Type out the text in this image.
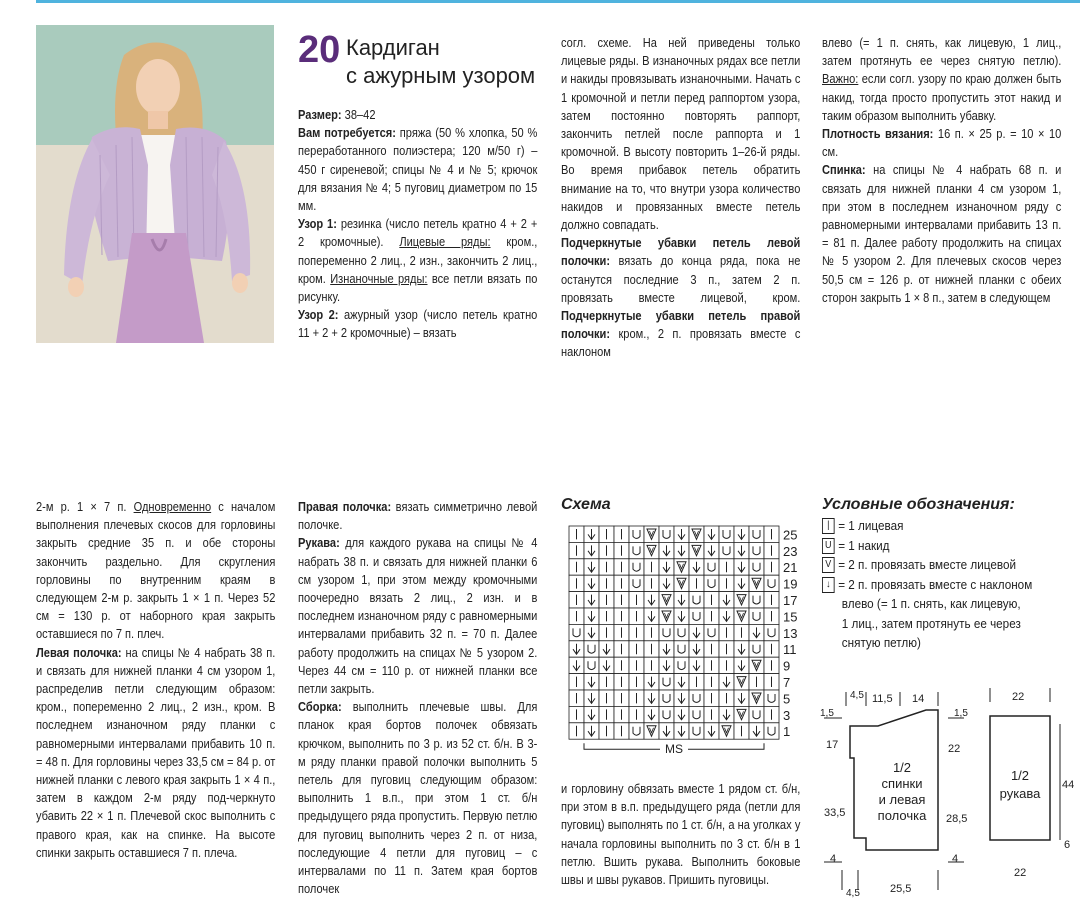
20 Кардиган
с ажурным узором

Размер: 38–42

Вам потребуется: пряжа (50 % хлопка, 50 % переработанного полиэстера; 120 м/50 г) – 450 г сиреневой; спицы № 4 и № 5; крючок для вязания № 4; 5 пуговиц диаметром по 15 мм.

Узор 1: резинка (число петель кратно 4 + 2 + 2 кромочные). Лицевые ряды: кром., попеременно 2 лиц., 2 изн., закончить 2 лиц., кром. Изнаночные ряды: все петли вязать по рисунку.

Узор 2: ажурный узор (число петель кратно 11 + 2 + 2 кромочные) – вязать

согл. схеме. На ней приведены только лицевые ряды. В изнаночных рядах все петли и накиды провязывать изнаночными. Начать с 1 кромочной и петли перед раппортом узора, затем постоянно повторять раппорт, закончить петлей после раппорта и 1 кромочной. В высоту повторить 1–26-й ряды. Во время прибавок петель обратить внимание на то, что внутри узора количество накидов и провязанных вместе петель должно совпадать.

Подчеркнутые убавки петель левой полочки: вязать до конца ряда, пока не останутся последние 3 п., затем 2 п. провязать вместе лицевой, кром. Подчеркнутые убавки петель правой полочки: кром., 2 п. провязать вместе с наклоном

влево (= 1 п. снять, как лицевую, 1 лиц., затем протянуть ее через снятую петлю). Важно: если согл. узору по краю должен быть накид, тогда просто пропустить этот накид и таким образом выполнить убавку.

Плотность вязания: 16 п. × 25 р. = 10 × 10 см.

Спинка: на спицы № 4 набрать 68 п. и связать для нижней планки 4 см узором 1, при этом в последнем изнаночном ряду с равномерными интервалами прибавить 13 п. = 81 п. Далее работу продолжить на спицах № 5 узором 2. Для плечевых скосов через 50,5 см = 126 р. от нижней планки с обеих сторон закрыть 1 × 8 п., затем в следующем

2-м р. 1 × 7 п. Одновременно с началом выполнения плечевых скосов для горловины закрыть средние 35 п. и обе стороны закончить раздельно. Для скругления горловины по внутренним краям в следующем 2-м р. закрыть 1 × 1 п. Через 52 см = 130 р. от наборного края закрыть оставшиеся по 7 п. плеч.

Левая полочка: на спицы № 4 набрать 38 п. и связать для нижней планки 4 см узором 1, распределив петли следующим образом: кром., попеременно 2 лиц., 2 изн., кром. В последнем изнаночном ряду планки с равномерными интервалами прибавить 10 п. = 48 п. Для горловины через 33,5 см = 84 р. от нижней планки с левого края закрыть 1 × 4 п., затем в каждом 2-м ряду под-черкнуто убавить 22 × 1 п. Плечевой скос выполнить с правого края, как на спинке. На высоте спинки закрыть оставшиеся 7 п. плеча.

Правая полочка: вязать симметрично левой полочке.

Рукава: для каждого рукава на спицы № 4 набрать 38 п. и связать для нижней планки 6 см узором 1, при этом между кромочными поочередно вязать 2 лиц., 2 изн. и в последнем изнаночном ряду с равномерными интервалами прибавить 32 п. = 70 п. Далее работу продолжить на спицах № 5 узором 2. Через 44 см = 110 р. от нижней планки все петли закрыть.

Сборка: выполнить плечевые швы. Для планок края бортов полочек обвязать крючком, выполнить по 3 р. из 52 ст. б/н. В 3-м ряду планки правой полочки выполнить 5 петель для пуговиц следующим образом: выполнить 1 в.п., при этом 1 ст. б/н предыдущего ряда пропустить. Первую петлю для пуговиц выполнить через 2 п. от низа, последующие 4 петли для пуговиц – с интервалами по 11 п. Затем края бортов полочек

и горловину обвязать вместе 1 рядом ст. б/н, при этом в в.п. предыдущего ряда (петли для пуговиц) выполнять по 1 ст. б/н, а на уголках у начала горловины выполнить по 3 ст. б/н в 1 петлю. Вшить рукава. Выполнить боковые швы и швы рукавов. Пришить пуговицы.

Схема
25
23
21
19
17
15
13
11
9
7
5
3
1
MS
Условные обозначения:
| = 1 лицевая
U = 1 накид
V = 2 п. провязать вместе лицевой
↓ = 2 п. провязать вместе с наклоном
влево (= 1 п. снять, как лицевую,
1 лиц., затем протянуть ее через
снятую петлю)
4,5 11,5 14
1,5	1,5
17	22
33,5	28,5
4	4
4,5	25,5
1/2
спинки
и левая
полочка
22
44
6
22
1/2
рукава
